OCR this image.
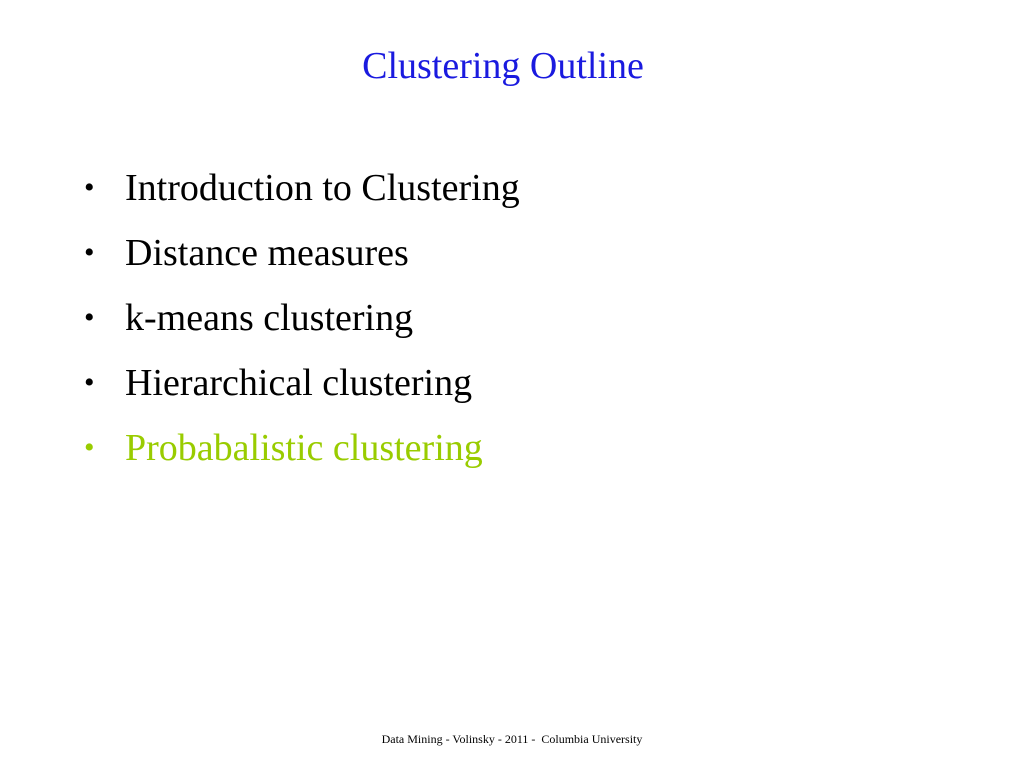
Clustering Outline
• Introduction to Clustering
• Distance measures
• k-means clustering
• Hierarchical clustering
• Probabalistic clustering
Data Mining - Volinsky - 2011 -  Columbia University
